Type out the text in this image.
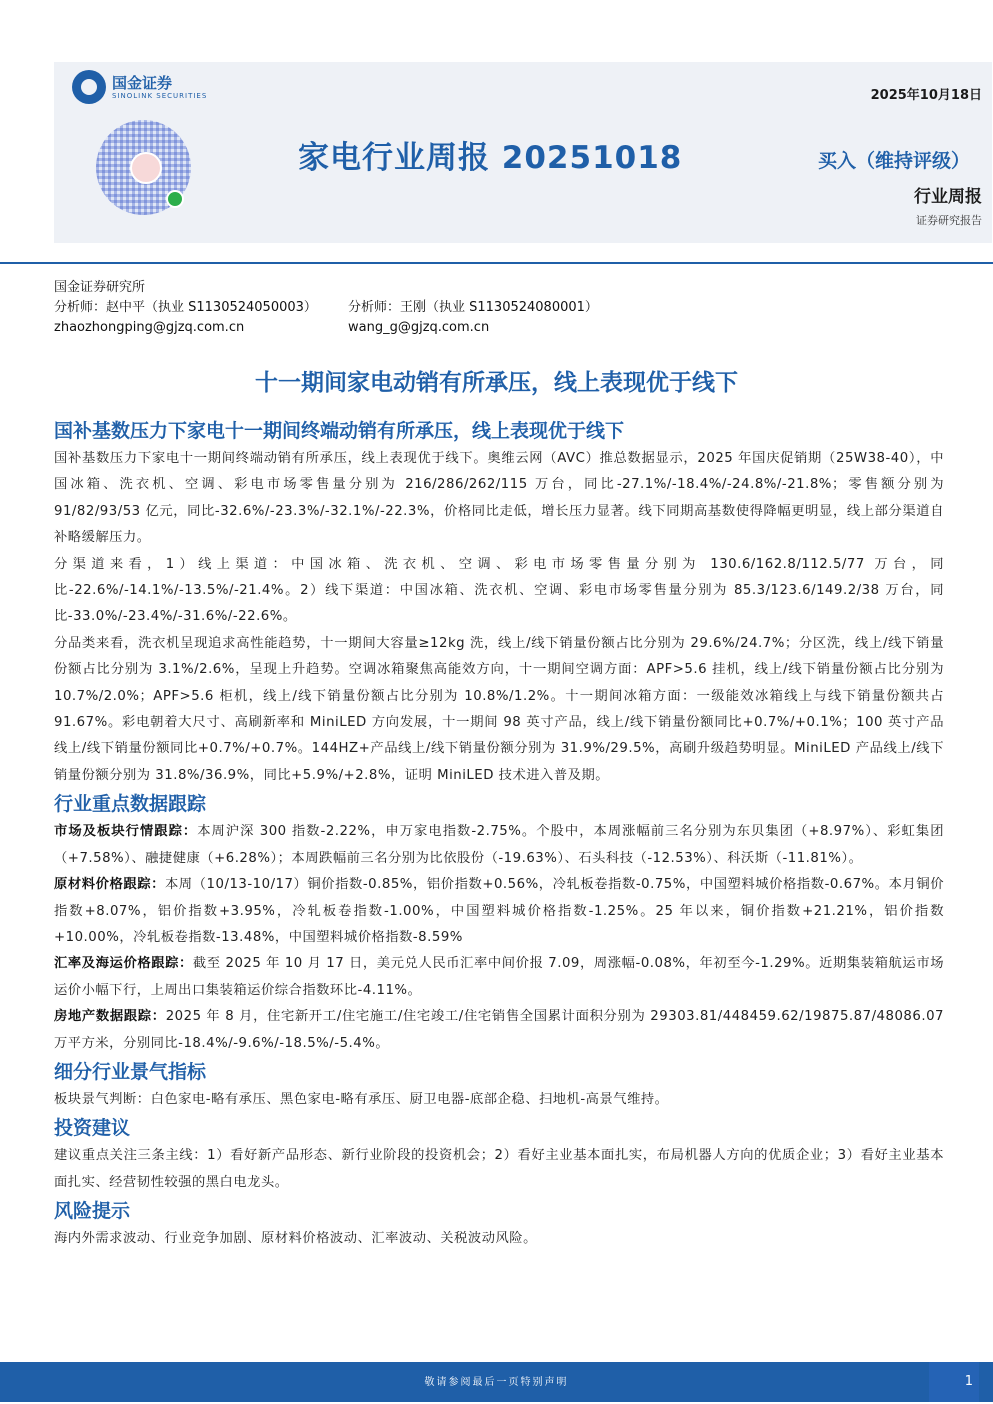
国金证券
SINOLINK SECURITIES	2025年10月18日
家电行业周报 20251018	买入（维持评级）
行业周报
证券研究报告
国金证券研究所
分析师：赵中平（执业 S1130524050003）	分析师：王刚（执业 S1130524080001）
zhaozhongping@gjzq.com.cn	wang_g@gjzq.com.cn
十一期间家电动销有所承压，线上表现优于线下
国补基数压力下家电十一期间终端动销有所承压，线上表现优于线下

国补基数压力下家电十一期间终端动销有所承压，线上表现优于线下。奥维云网（AVC）推总数据显示，2025 年国庆促销期（25W38-40），中国冰箱、洗衣机、空调、彩电市场零售量分别为 216/286/262/115 万台，同比-27.1%/-18.4%/-24.8%/-21.8%；零售额分别为 91/82/93/53 亿元，同比-32.6%/-23.3%/-32.1%/-22.3%，价格同比走低，增长压力显著。线下同期高基数使得降幅更明显，线上部分渠道自补略缓解压力。

分渠道来看，1）线上渠道：中国冰箱、洗衣机、空调、彩电市场零售量分别为 130.6/162.8/112.5/77 万台，同比-22.6%/-14.1%/-13.5%/-21.4%。2）线下渠道：中国冰箱、洗衣机、空调、彩电市场零售量分别为 85.3/123.6/149.2/38 万台，同比-33.0%/-23.4%/-31.6%/-22.6%。

分品类来看，洗衣机呈现追求高性能趋势，十一期间大容量≥12kg 洗，线上/线下销量份额占比分别为 29.6%/24.7%；分区洗，线上/线下销量份额占比分别为 3.1%/2.6%，呈现上升趋势。空调冰箱聚焦高能效方向，十一期间空调方面：APF>5.6 挂机，线上/线下销量份额占比分别为 10.7%/2.0%；APF>5.6 柜机，线上/线下销量份额占比分别为 10.8%/1.2%。十一期间冰箱方面：一级能效冰箱线上与线下销量份额共占 91.67%。彩电朝着大尺寸、高刷新率和 MiniLED 方向发展，十一期间 98 英寸产品，线上/线下销量份额同比+0.7%/+0.1%；100 英寸产品线上/线下销量份额同比+0.7%/+0.7%。144HZ+产品线上/线下销量份额分别为 31.9%/29.5%，高刷升级趋势明显。MiniLED 产品线上/线下销量份额分别为 31.8%/36.9%，同比+5.9%/+2.8%，证明 MiniLED 技术进入普及期。

行业重点数据跟踪

市场及板块行情跟踪：本周沪深 300 指数-2.22%，申万家电指数-2.75%。个股中，本周涨幅前三名分别为东贝集团（+8.97%）、彩虹集团（+7.58%）、融捷健康（+6.28%）；本周跌幅前三名分别为比依股份（-19.63%）、石头科技（-12.53%）、科沃斯（-11.81%）。

原材料价格跟踪：本周（10/13-10/17）铜价指数-0.85%，铝价指数+0.56%，冷轧板卷指数-0.75%，中国塑料城价格指数-0.67%。本月铜价指数+8.07%，铝价指数+3.95%，冷轧板卷指数-1.00%，中国塑料城价格指数-1.25%。25 年以来，铜价指数+21.21%，铝价指数+10.00%，冷轧板卷指数-13.48%，中国塑料城价格指数-8.59%

汇率及海运价格跟踪：截至 2025 年 10 月 17 日，美元兑人民币汇率中间价报 7.09，周涨幅-0.08%，年初至今-1.29%。近期集装箱航运市场运价小幅下行，上周出口集装箱运价综合指数环比-4.11%。

房地产数据跟踪：2025 年 8 月，住宅新开工/住宅施工/住宅竣工/住宅销售全国累计面积分别为 29303.81/448459.62/19875.87/48086.07 万平方米，分别同比-18.4%/-9.6%/-18.5%/-5.4%。

细分行业景气指标

板块景气判断：白色家电-略有承压、黑色家电-略有承压、厨卫电器-底部企稳、扫地机-高景气维持。

投资建议

建议重点关注三条主线：1）看好新产品形态、新行业阶段的投资机会；2）看好主业基本面扎实，布局机器人方向的优质企业；3）看好主业基本面扎实、经营韧性较强的黑白电龙头。

风险提示

海内外需求波动、行业竞争加剧、原材料价格波动、汇率波动、关税波动风险。

敬请参阅最后一页特别声明	1
